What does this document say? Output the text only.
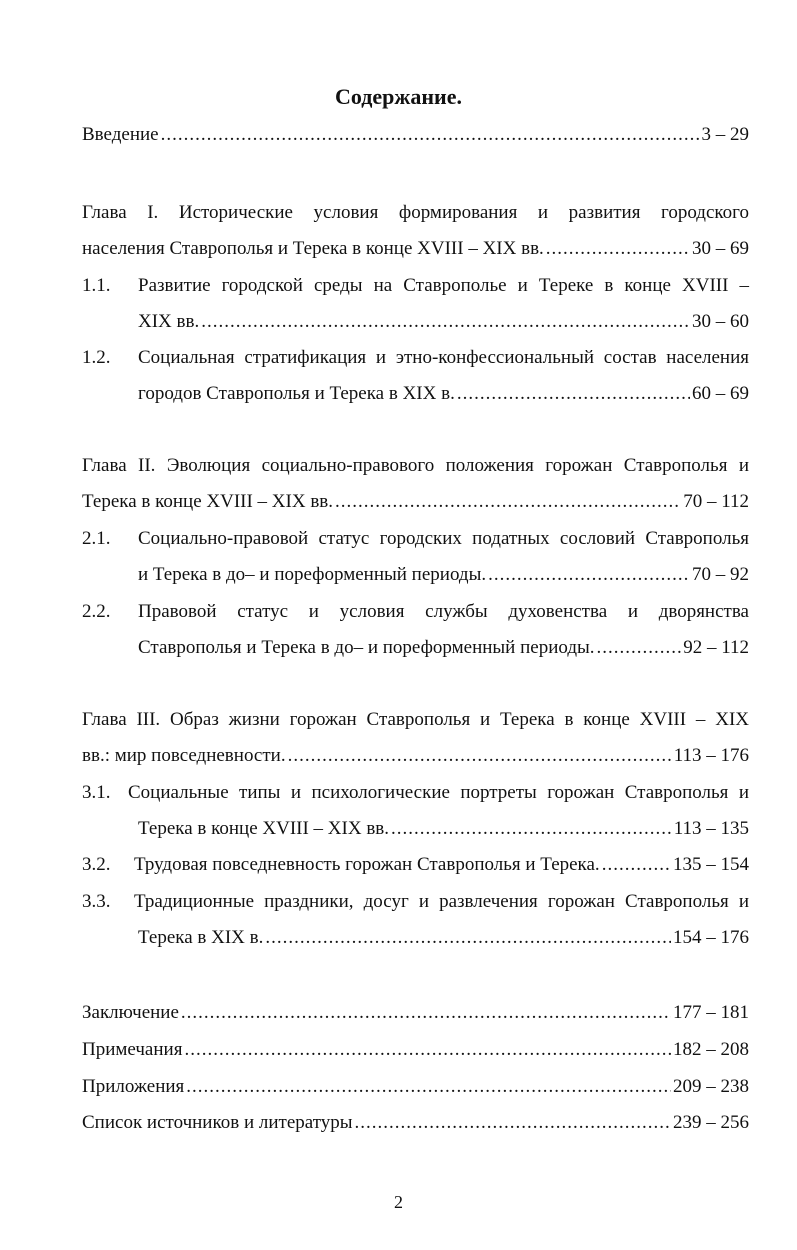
Содержание.
Введение .....	3 – 29
Глава I. Исторические условия формирования и развития городского
населения Ставрополья и Терека в конце XVIII – XIX вв. .....	30 – 69
1.1. Развитие городской среды на Ставрополье и Тереке в конце XVIII –
XIX вв. .....	30 – 60
1.2. Социальная стратификация и этно-конфессиональный состав населения
городов Ставрополья и Терека в XIX в. .....	60 – 69
Глава II. Эволюция социально-правового положения горожан Ставрополья и
Терека в конце XVIII – XIX вв. .....	70 – 112
2.1. Социально-правовой статус городских податных сословий Ставрополья
и Терека в до– и пореформенный периоды. .....	70 – 92
2.2. Правовой статус и условия службы духовенства и дворянства
Ставрополья и Терека в до– и пореформенный периоды. .....	92 – 112
Глава III. Образ жизни горожан Ставрополья и Терека в конце XVIII – XIX
вв.: мир повседневности. .....	113 – 176
3.1. Социальные типы и психологические портреты горожан Ставрополья и
Терека в конце XVIII – XIX вв. .....	113 – 135
3.2. Трудовая повседневность горожан Ставрополья и Терека. .....	135 – 154
3.3. Традиционные праздники, досуг и развлечения горожан Ставрополья и
Терека в XIX в. .....	154 – 176
Заключение .....	177 – 181
Примечания .....	182 – 208
Приложения .....	209 – 238
Список источников и литературы .....	239 – 256
2
